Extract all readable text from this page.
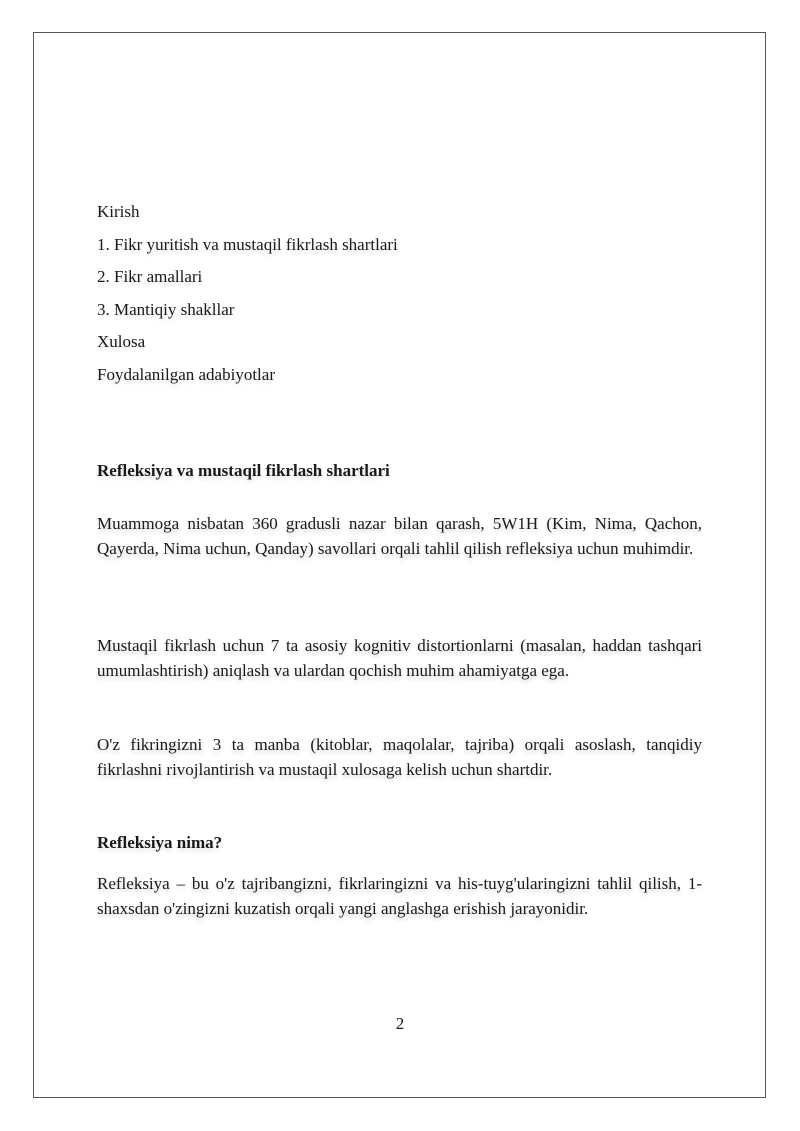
Kirish
1. Fikr yuritish va mustaqil fikrlash shartlari
2. Fikr amallari
3. Mantiqiy shakllar
Xulosa
Foydalanilgan adabiyotlar
Refleksiya va mustaqil fikrlash shartlari
Muammoga nisbatan 360 gradusli nazar bilan qarash, 5W1H (Kim, Nima, Qachon, Qayerda, Nima uchun, Qanday) savollari orqali tahlil qilish refleksiya uchun muhimdir.
Mustaqil fikrlash uchun 7 ta asosiy kognitiv distortionlarni (masalan, haddan tashqari umumlashtirish) aniqlash va ulardan qochish muhim ahamiyatga ega.
O'z fikringizni 3 ta manba (kitoblar, maqolalar, tajriba) orqali asoslash, tanqidiy fikrlashni rivojlantirish va mustaqil xulosaga kelish uchun shartdir.
Refleksiya nima?
Refleksiya – bu o'z tajribangizni, fikrlaringizni va his-tuyg'ularingizni tahlil qilish, 1-shaxsdan o'zingizni kuzatish orqali yangi anglashga erishish jarayonidir.
2
